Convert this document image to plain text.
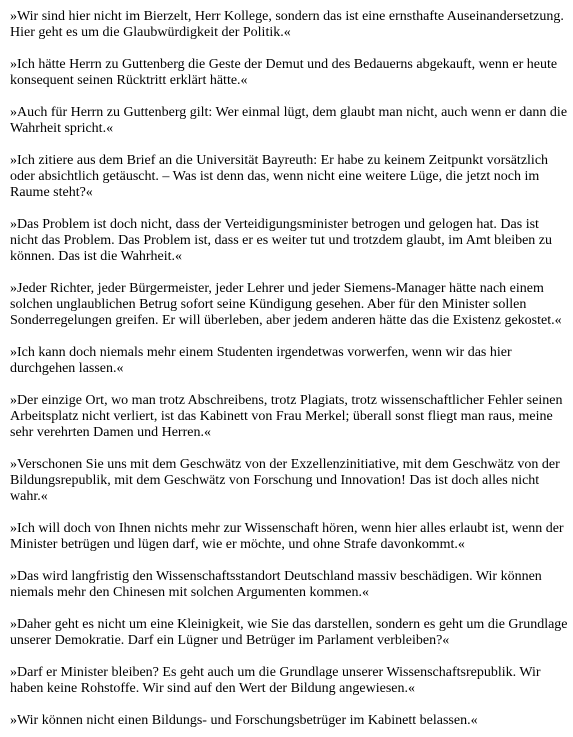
»Wir sind hier nicht im Bierzelt, Herr Kollege, sondern das ist eine ernsthafte Auseinandersetzung. Hier geht es um die Glaubwürdigkeit der Politik.«

»Ich hätte Herrn zu Guttenberg die Geste der Demut und des Bedauerns abgekauft, wenn er heute konsequent seinen Rücktritt erklärt hätte.«

»Auch für Herrn zu Guttenberg gilt: Wer einmal lügt, dem glaubt man nicht, auch wenn er dann die Wahrheit spricht.«

»Ich zitiere aus dem Brief an die Universität Bayreuth: Er habe zu keinem Zeitpunkt vorsätzlich oder absichtlich getäuscht. – Was ist denn das, wenn nicht eine weitere Lüge, die jetzt noch im Raume steht?«

»Das Problem ist doch nicht, dass der Verteidigungsminister betrogen und gelogen hat. Das ist nicht das Problem. Das Problem ist, dass er es weiter tut und trotzdem glaubt, im Amt bleiben zu können. Das ist die Wahrheit.«

»Jeder Richter, jeder Bürgermeister, jeder Lehrer und jeder Siemens-Manager hätte nach einem solchen unglaublichen Betrug sofort seine Kündigung gesehen. Aber für den Minister sollen Sonderregelungen greifen. Er will überleben, aber jedem anderen hätte das die Existenz gekostet.«

»Ich kann doch niemals mehr einem Studenten irgendetwas vorwerfen, wenn wir das hier durchgehen lassen.«

»Der einzige Ort, wo man trotz Abschreibens, trotz Plagiats, trotz wissenschaftlicher Fehler seinen Arbeitsplatz nicht verliert, ist das Kabinett von Frau Merkel; überall sonst fliegt man raus, meine sehr verehrten Damen und Herren.«

»Verschonen Sie uns mit dem Geschwätz von der Exzellenzinitiative, mit dem Geschwätz von der Bildungsrepublik, mit dem Geschwätz von Forschung und Innovation! Das ist doch alles nicht wahr.«

»Ich will doch von Ihnen nichts mehr zur Wissenschaft hören, wenn hier alles erlaubt ist, wenn der Minister betrügen und lügen darf, wie er möchte, und ohne Strafe davonkommt.«

»Das wird langfristig den Wissenschaftsstandort Deutschland massiv beschädigen. Wir können niemals mehr den Chinesen mit solchen Argumenten kommen.«

»Daher geht es nicht um eine Kleinigkeit, wie Sie das darstellen, sondern es geht um die Grundlage unserer Demokratie. Darf ein Lügner und Betrüger im Parlament verbleiben?«

»Darf er Minister bleiben? Es geht auch um die Grundlage unserer Wissenschaftsrepublik. Wir haben keine Rohstoffe. Wir sind auf den Wert der Bildung angewiesen.«

»Wir können nicht einen Bildungs- und Forschungsbetrüger im Kabinett belassen.«
